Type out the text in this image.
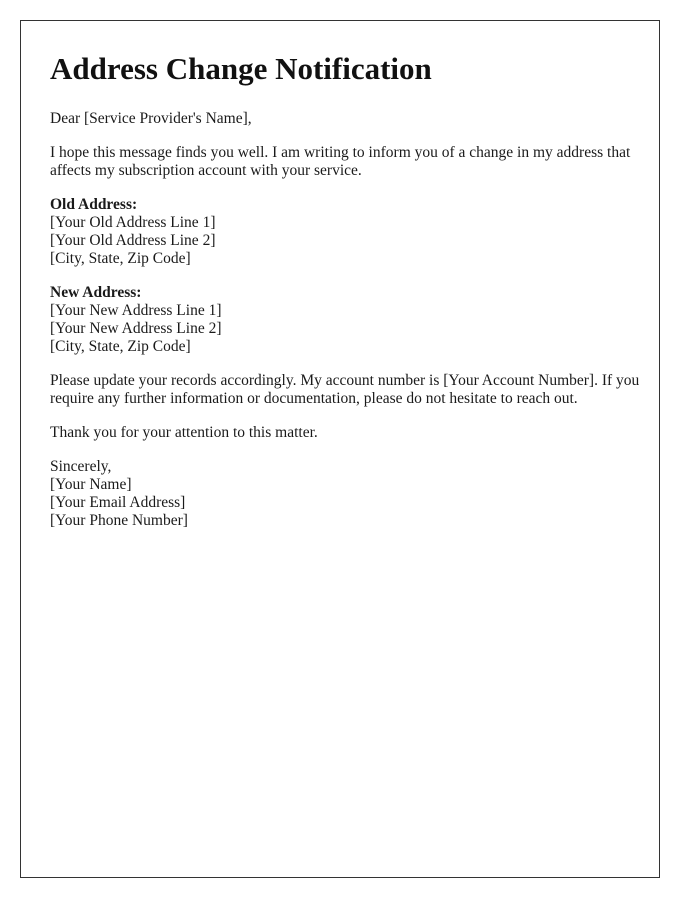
Address Change Notification

Dear [Service Provider's Name],

I hope this message finds you well. I am writing to inform you of a change in my address that affects my subscription account with your service.

Old Address:
[Your Old Address Line 1]
[Your Old Address Line 2]
[City, State, Zip Code]

New Address:
[Your New Address Line 1]
[Your New Address Line 2]
[City, State, Zip Code]

Please update your records accordingly. My account number is [Your Account Number]. If you require any further information or documentation, please do not hesitate to reach out.

Thank you for your attention to this matter.

Sincerely,
[Your Name]
[Your Email Address]
[Your Phone Number]
